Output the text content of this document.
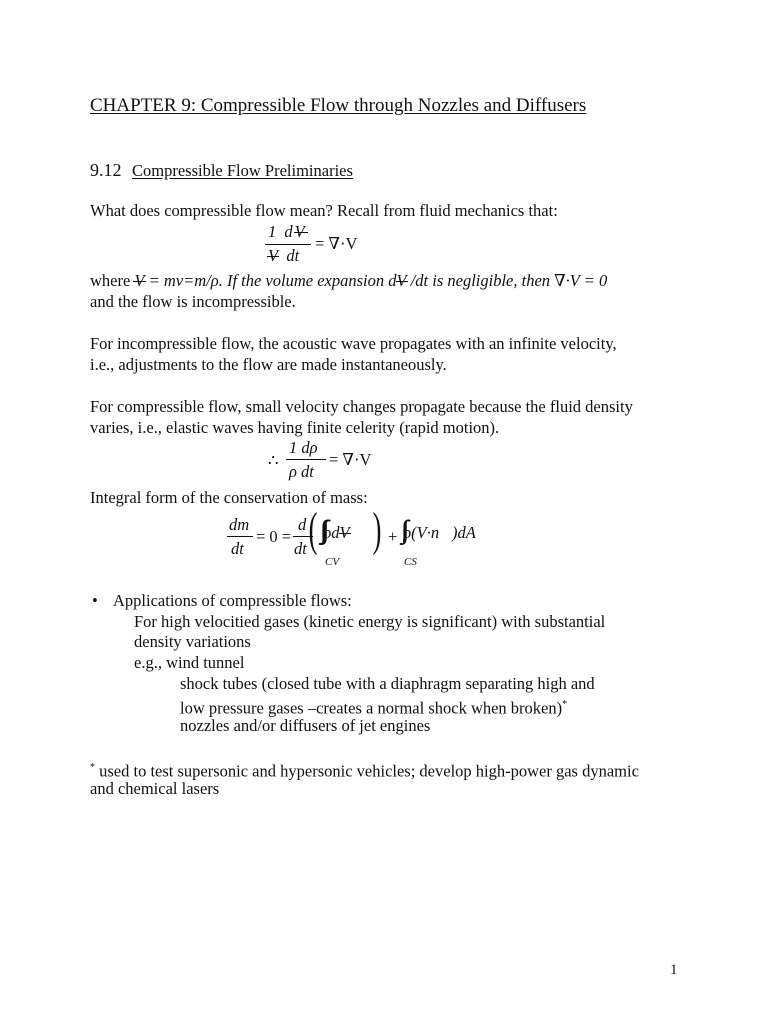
CHAPTER 9: Compressible Flow through Nozzles and Diffusers
9.12 Compressible Flow Preliminaries
What does compressible flow mean? Recall from fluid mechanics that:
1 dV
V  dt
= ∇·V
where V = mv=m/ρ. If the volume expansion dV /dt is negligible, then ∇·V = 0
and the flow is incompressible.
For incompressible flow, the acoustic wave propagates with an infinite velocity,
i.e., adjustments to the flow are made instantaneously.
For compressible flow, small velocity changes propagate because the fluid density
varies, i.e., elastic waves having finite celerity (rapid motion).
∴
1 dρ
ρ dt
= ∇·V
Integral form of the conservation of mass:
dm
dt
= 0 =
d
dt ( ∫∫∫ρdV ) + ∫∫ρ(V·n⃗)dA
CV	CS
• Applications of compressible flows:
For high velocitied gases (kinetic energy is significant) with substantial
density variations
e.g., wind tunnel
shock tubes (closed tube with a diaphragm separating high and
low pressure gases –creates a normal shock when broken)*
nozzles and/or diffusers of jet engines
* used to test supersonic and hypersonic vehicles; develop high-power gas dynamic
and chemical lasers
1
